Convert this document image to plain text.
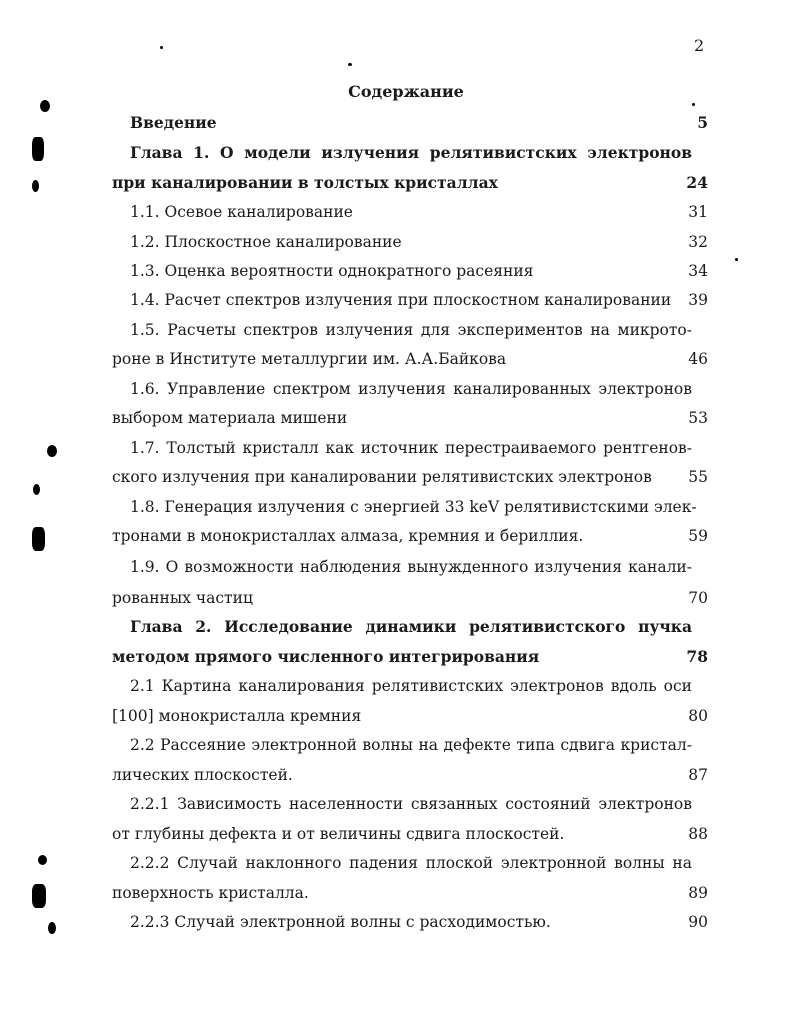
2
Содержание
Введение	5
Глава 1. О модели излучения релятивистских электронов
при каналировании в толстых кристаллах	24
1.1. Осевое каналирование	31
1.2. Плоскостное каналирование	32
1.3. Оценка вероятности однократного расеяния	34
1.4. Расчет спектров излучения при плоскостном каналировании 39
1.5. Расчеты спектров излучения для экспериментов на микрото-
роне в Институте металлургии им. А.А.Байкова	46
1.6. Управление спектром излучения каналированных электронов
выбором материала мишени	53
1.7. Толстый кристалл как источник перестраиваемого рентгенов-
ского излучения при каналировании релятивистских электронов 55
1.8. Генерация излучения с энергией 33 keV релятивистскими элек-
тронами в монокристаллах алмаза, кремния и бериллия.	59
1.9. О возможности наблюдения вынужденного излучения канали-
рованных частиц	70
Глава 2. Исследование динамики релятивистского пучка
методом прямого численного интегрирования	78
2.1 Картина каналирования релятивистских электронов вдоль оси
[100] монокристалла кремния	80
2.2 Рассеяние электронной волны на дефекте типа сдвига кристал-
лических плоскостей.	87
2.2.1 Зависимость населенности связанных состояний электронов
от глубины дефекта и от величины сдвига плоскостей.	88
2.2.2 Случай наклонного падения плоской электронной волны на
поверхность кристалла.	89
2.2.3 Случай электронной волны с расходимостью.	90
